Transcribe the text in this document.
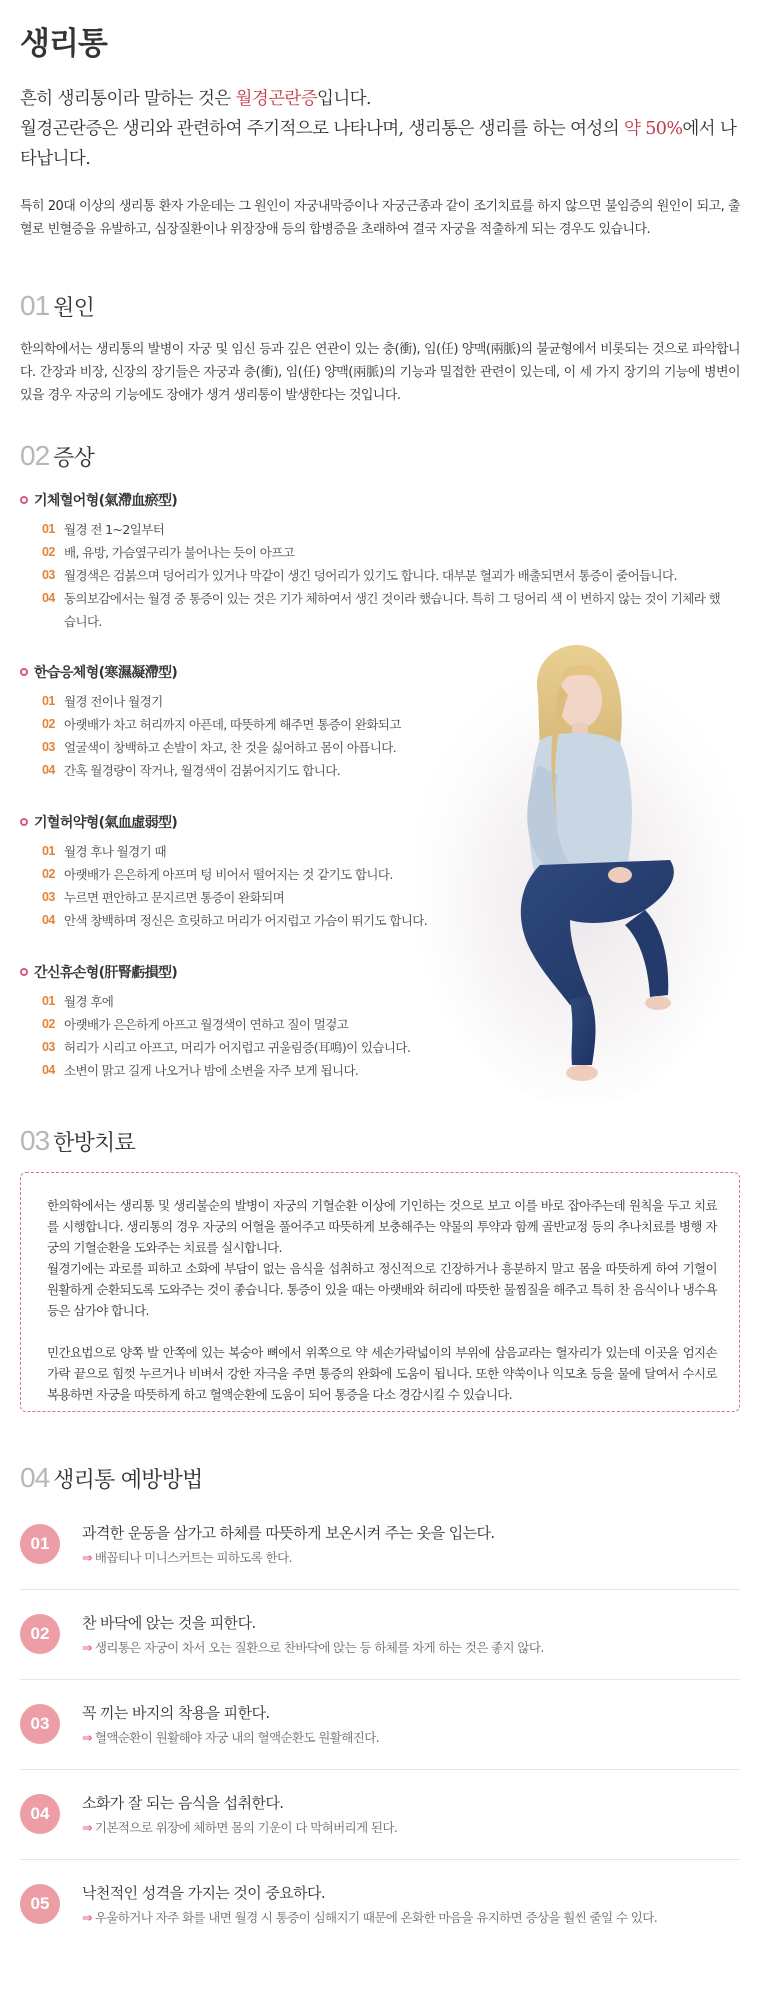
생리통
흔히 생리통이라 말하는 것은 월경곤란증입니다.
월경곤란증은 생리와 관련하여 주기적으로 나타나며, 생리통은 생리를 하는 여성의 약 50%에서 나타납니다.

특히 20대 이상의 생리통 환자 가운데는 그 원인이 자궁내막증이나 자궁근종과 같이 조기치료를 하지 않으면 불임증의 원인이 되고, 출혈로 빈혈증을 유발하고, 심장질환이나 위장장애 등의 합병증을 초래하여 결국 자궁을 적출하게 되는 경우도 있습니다.

01 원인

한의학에서는 생리통의 발병이 자궁 및 임신 등과 깊은 연관이 있는 충(衝), 임(任) 양맥(兩脈)의 불균형에서 비롯되는 것으로 파악합니다. 간장과 비장, 신장의 장기들은 자궁과 충(衝), 임(任) 양맥(兩脈)의 기능과 밀접한 관련이 있는데, 이 세 가지 장기의 기능에 병변이 있을 경우 자궁의 기능에도 장애가 생겨 생리통이 발생한다는 것입니다.

02 증상
기체혈어형(氣滯血瘀型)
01 월경 전 1~2일부터
02 배, 유방, 가슴옆구리가 불어나는 듯이 아프고
03 월경색은 검붉으며 덩어리가 있거나 막같이 생긴 덩어리가 있기도 합니다. 대부분 혈괴가 배출되면서 통증이 줄어듭니다.
04 동의보감에서는 월경 중 통증이 있는 것은 기가 체하여서 생긴 것이라 했습니다. 특히 그 덩어리 색 이 변하지 않는 것이 기체라 했습니다.
한습응체형(寒濕凝滯型)
01 월경 전이나 월경기
02 아랫배가 차고 허리까지 아픈데, 따뜻하게 해주면 통증이 완화되고
03 얼굴색이 창백하고 손발이 차고, 찬 것을 싫어하고 몸이 아픕니다.
04 간혹 월경량이 작거나, 월경색이 검붉어지기도 합니다.
기혈허약형(氣血虛弱型)
01 월경 후나 월경기 때
02 아랫배가 은은하게 아프며 텅 비어서 떨어지는 것 같기도 합니다.
03 누르면 편안하고 문지르면 통증이 완화되며
04 안색 창백하며 정신은 흐릿하고 머리가 어지럽고 가슴이 뛰기도 합니다.
간신휴손형(肝腎虧損型)
01 월경 후에
02 아랫배가 은은하게 아프고 월경색이 연하고 질이 멀겋고
03 허리가 시리고 아프고, 머리가 어지럽고 귀울림증(耳鳴)이 있습니다.
04 소변이 맑고 길게 나오거나 밤에 소변을 자주 보게 됩니다.
03 한방치료

한의학에서는 생리통 및 생리불순의 발병이 자궁의 기혈순환 이상에 기인하는 것으로 보고 이를 바로 잡아주는데 원칙을 두고 치료를 시행합니다. 생리통의 경우 자궁의 어혈을 풀어주고 따뜻하게 보충해주는 약물의 투약과 함께 골반교정 등의 추나치료를 병행 자궁의 기혈순환을 도와주는 치료를 실시합니다.

월경기에는 과로를 피하고 소화에 부담이 없는 음식을 섭취하고 정신적으로 긴장하거나 흥분하지 말고 몸을 따뜻하게 하여 기혈이 원활하게 순환되도록 도와주는 것이 좋습니다. 통증이 있을 때는 아랫배와 허리에 따뜻한 물찜질을 해주고 특히 찬 음식이나 냉수욕 등은 삼가야 합니다.

민간요법으로 양쪽 발 안쪽에 있는 복숭아 뼈에서 위쪽으로 약 세손가락넓이의 부위에 삼음교라는 혈자리가 있는데 이곳을 엄지손가락 끝으로 힘껏 누르거나 비벼서 강한 자극을 주면 통증의 완화에 도움이 됩니다. 또한 약쑥이나 익모초 등을 물에 달여서 수시로 복용하면 자궁을 따뜻하게 하고 혈액순환에 도움이 되어 통증을 다소 경감시킬 수 있습니다.

04 생리통 예방방법
01
과격한 운동을 삼가고 하체를 따뜻하게 보온시켜 주는 옷을 입는다.
⇒ 배꼽티나 미니스커트는 피하도록 한다.
02
찬 바닥에 앉는 것을 피한다.
⇒ 생리통은 자궁이 차서 오는 질환으로 찬바닥에 앉는 등 하체를 차게 하는 것은 좋지 않다.
03
꼭 끼는 바지의 착용을 피한다.
⇒ 혈액순환이 원활해야 자궁 내의 혈액순환도 원활해진다.
04
소화가 잘 되는 음식을 섭취한다.
⇒ 기본적으로 위장에 체하면 몸의 기운이 다 막혀버리게 된다.
05
낙천적인 성격을 가지는 것이 중요하다.
⇒ 우울하거나 자주 화를 내면 월경 시 통증이 심해지기 때문에 온화한 마음을 유지하면 증상을 훨씬 줄일 수 있다.
